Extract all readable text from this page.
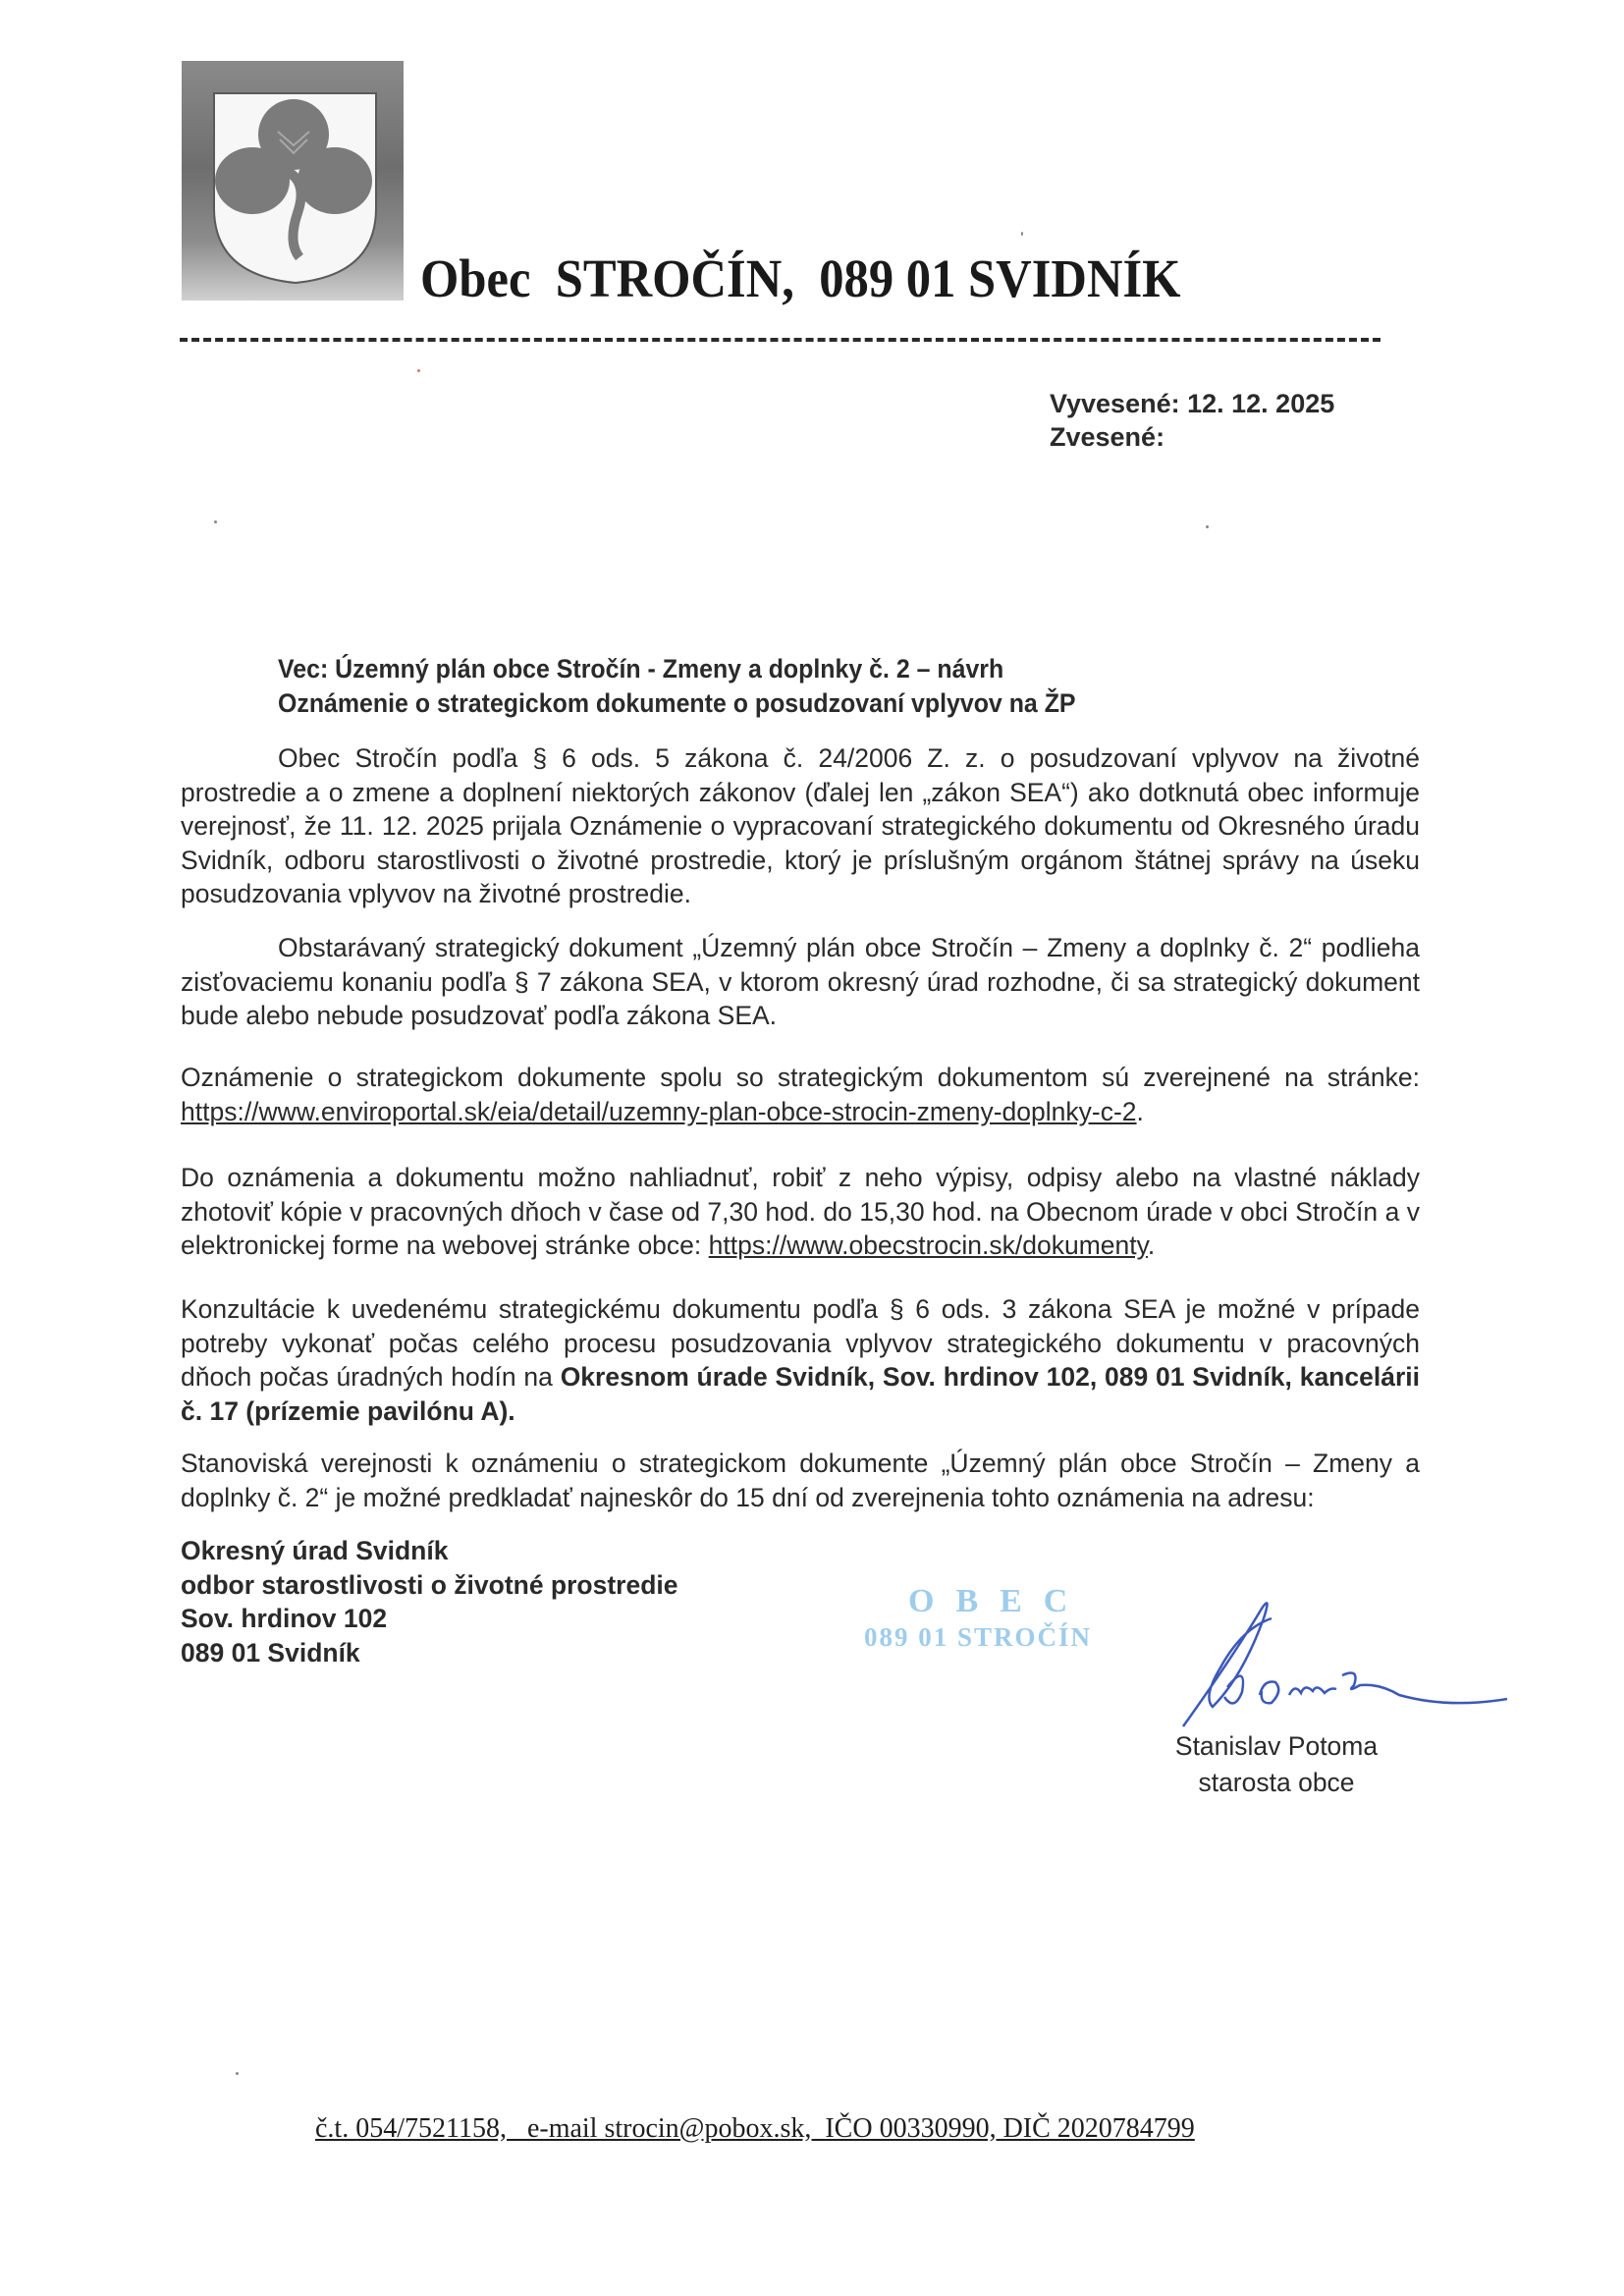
Obec  STROČÍN,  089 01 SVIDNÍK
Vyvesené: 12. 12. 2025
Zvesené:
Vec: Územný plán obce Stročín - Zmeny a doplnky č. 2 – návrh
Oznámenie o strategickom dokumente o posudzovaní vplyvov na ŽP
Obec Stročín podľa § 6 ods. 5 zákona č. 24/2006 Z. z. o posudzovaní vplyvov na životné prostredie a o zmene a doplnení niektorých zákonov (ďalej len „zákon SEA“) ako dotknutá obec informuje verejnosť, že 11. 12. 2025 prijala Oznámenie o vypracovaní strategického dokumentu od Okresného úradu Svidník, odboru starostlivosti o životné prostredie, ktorý je príslušným orgánom štátnej správy na úseku posudzovania vplyvov na životné prostredie.
Obstarávaný strategický dokument „Územný plán obce Stročín – Zmeny a doplnky č. 2“ podlieha zisťovaciemu konaniu podľa § 7 zákona SEA, v ktorom okresný úrad rozhodne, či sa strategický dokument bude alebo nebude posudzovať podľa zákona SEA.
Oznámenie o strategickom dokumente spolu so strategickým dokumentom sú zverejnené na stránke: https://www.enviroportal.sk/eia/detail/uzemny-plan-obce-strocin-zmeny-doplnky-c-2.
Do oznámenia a dokumentu možno nahliadnuť, robiť z neho výpisy, odpisy alebo na vlastné náklady zhotoviť kópie v pracovných dňoch v čase od 7,30 hod. do 15,30 hod. na Obecnom úrade v obci Stročín a v elektronickej forme na webovej stránke obce: https://www.obecstrocin.sk/dokumenty.
Konzultácie k uvedenému strategickému dokumentu podľa § 6 ods. 3 zákona SEA je možné v prípade potreby vykonať počas celého procesu posudzovania vplyvov strategického dokumentu v pracovných dňoch počas úradných hodín na Okresnom úrade Svidník, Sov. hrdinov 102, 089 01 Svidník, kancelárii č. 17 (prízemie pavilónu A).
Stanoviská verejnosti k oznámeniu o strategickom dokumente „Územný plán obce Stročín – Zmeny a doplnky č. 2“ je možné predkladať najneskôr do 15 dní od zverejnenia tohto oznámenia na adresu:
Okresný úrad Svidník
odbor starostlivosti o životné prostredie
Sov. hrdinov 102
089 01 Svidník
OBEC
089 01 STROČÍN
Stanislav Potoma
starosta obce
č.t. 054/7521158,   e-mail strocin@pobox.sk,  IČO 00330990, DIČ 2020784799
